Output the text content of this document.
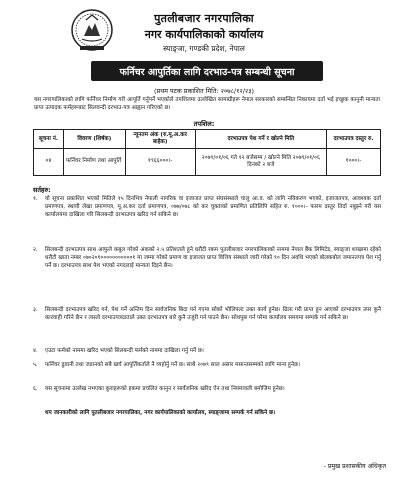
पुतलीबजार नगरपालिका
नगर कार्यपालिकाको कार्यालय
स्याङ्जा, गण्डकी प्रदेश, नेपाल
फर्निचर आपुर्तिका लागि दरभाउ-पत्र सम्बन्धी सूचना
(प्रथम पटक प्रकाशित मिति: २०७८/१२/२३)
यस नगरपालिकाको लागि फर्निचर निर्माण गरी आपूर्ति गर्नुपर्ने भएकोले तपशिलमा उल्लेखित सामाग्रीहरू नेपाल सरकारको सम्बन्धित निकायमा दर्ता भई इच्छुक कानुनी मान्यता प्राप्त उत्पादक फर्महरूबाट सिलवन्दी दरभाउ-पत्र आह्वान गरिएको छ।
तपशिल:
सूचना नं.	विवरण (शिर्षक)	न्यूनतम अंक (रु.मू.अ.कर बाहेक)	दरभाउपत्र पेश गर्ने र खोल्ने मिति	दरभाउपत्र दस्तुर रु.
०४	फर्निचर निर्माण तथा आपुर्ति	१९६६०००।-	२०७९/०१/०६ गते १२ बजेसम्म / खोल्ने मिति २०७९/०१/०६ दिनको २ बजे	१०००।-
सर्तहरु:
१.	यो सूचना प्रकाशित भएको मितिले १५ दिनभित्र नेपाली नागरिक वा इजाजत प्राप्त संघसंस्थाले चालु आ.व. को लागि नविकरण भएको, इजाजतपत्र, आवश्यक दर्ता प्रमाणपत्र, स्थायी लेखा प्रमाणपत्र, मू.अ.कर दर्ता प्रमाणपत्र, ०७७/०७८ को कर चुक्ताको प्रमाणित प्रतिलिपि सहित रु. १०००।- फारम दस्तुर तिर्दा नबुझ्ने गरी यस कार्यालयमा दाखिला गरि सिलबन्दी दरभाउपत्र खरिद गर्न सकिने छ।
२.	सिलबन्दी दरभाउपत्र साथ आफुले कबुल गरेको अंकको २.५ प्रतिशतले हुने धरौटी रकम पुतलीबजार नगरपालिकाको नाममा नेपाल बैंक लिमिटेड, स्याङ्जा शाखामा रहेको धरौटी खाता नम्बर ०७०२०१०००००००००००१ मा जम्मा गरेको प्रमाण वा इजाजत प्राप्त वित्तिय संस्थाले जारी गरेको ९० दिन अवधि भएको बोलकबोल जमानतपत्र पेश गर्नु पर्ने छ। दरभाउपत्र साथ पेश भएको नगदलाई मान्यता दिइने छैन।
३.	सिलबन्दी दरभाउपत्र खरिद गर्न, पेश गर्ने अन्तिम दिन सार्वजनिक बिदा पर्न गएमा सोको भोलिपल्ट उक्त कार्य हुनेछ। ढिला गरी प्राप्त हुन आएको दरभाउपत्र उपर कुनै कारवाही गरिने छैन र त्यस्तो दरभाउपत्रदाताले उक्त दरभाउपत्र बारे कुनै उजुरी गर्न पाउने छैन। सोधपुछ गर्न परेमा कार्यालय समयमा सम्पर्क गर्न सकिने छ।
४.	एउटा फर्मको नाममा खरिद भएको सिलबन्दी फर्मको नाममा दाखिला गर्नु पर्ने छ।
५.	फर्निचर ढुवानी तथा जडानको सबै खर्च आपुर्तिकर्ताले नै व्यहोर्नु पर्ने छ। साथै २०७९ साल असार मसान्तसम्मको लागि मान्य हुनेछ।
६.	यस सूचनामा उल्लेख नभएका कुराहरूको हकमा प्रचलित कानुन र सार्वजनिक खरिद ऐन तथा नियमावली बमोजिम हुनेछ।
थप जानकारीको लागि पुतलीबजार नगरपालिका, नगर कार्यपालिकाको कार्यालय, स्याङ्जामा सम्पर्क गर्न सकिने छ।
- प्रमुख प्रशासकीय अधिकृत
